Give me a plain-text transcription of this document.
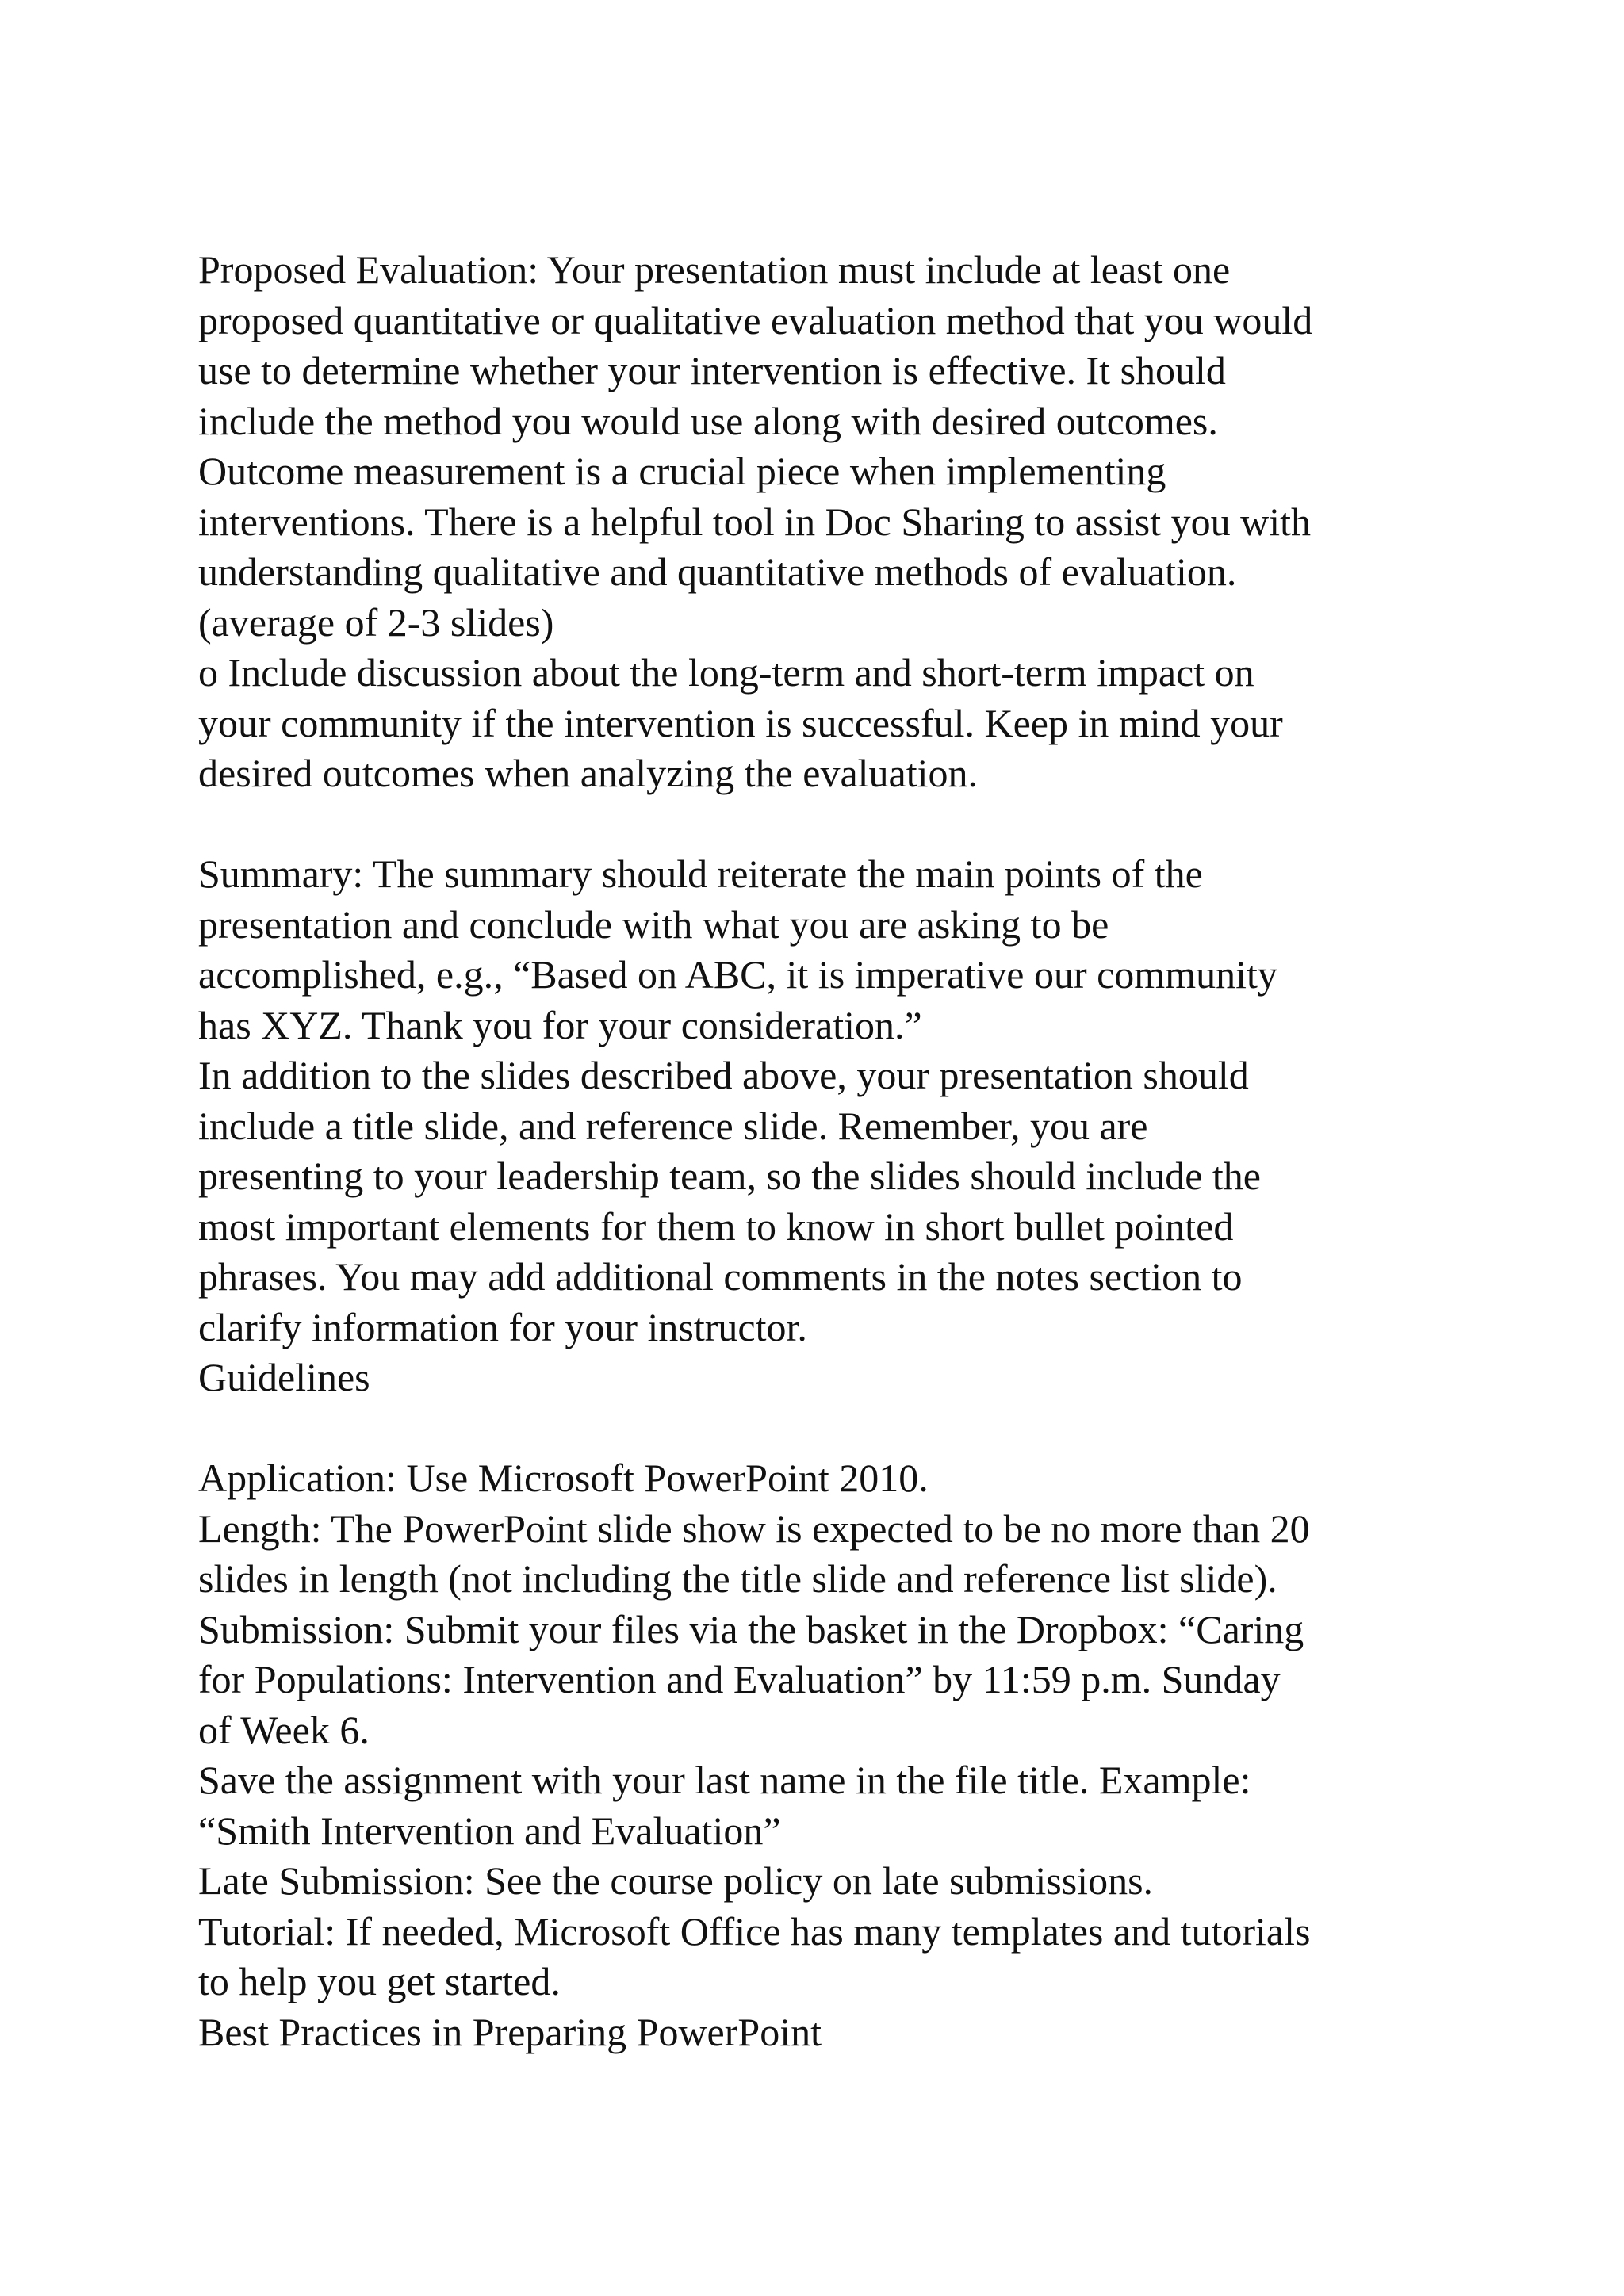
Proposed Evaluation: Your presentation must include at least one
proposed quantitative or qualitative evaluation method that you would
use to determine whether your intervention is effective. It should
include the method you would use along with desired outcomes.
Outcome measurement is a crucial piece when implementing
interventions. There is a helpful tool in Doc Sharing to assist you with
understanding qualitative and quantitative methods of evaluation.
(average of 2-3 slides)
o Include discussion about the long-term and short-term impact on
your community if the intervention is successful. Keep in mind your
desired outcomes when analyzing the evaluation.
Summary: The summary should reiterate the main points of the
presentation and conclude with what you are asking to be
accomplished, e.g., “Based on ABC, it is imperative our community
has XYZ. Thank you for your consideration.”
In addition to the slides described above, your presentation should
include a title slide, and reference slide. Remember, you are
presenting to your leadership team, so the slides should include the
most important elements for them to know in short bullet pointed
phrases. You may add additional comments in the notes section to
clarify information for your instructor.
Guidelines
Application: Use Microsoft PowerPoint 2010.
Length: The PowerPoint slide show is expected to be no more than 20
slides in length (not including the title slide and reference list slide).
Submission: Submit your files via the basket in the Dropbox: “Caring
for Populations: Intervention and Evaluation” by 11:59 p.m. Sunday
of Week 6.
Save the assignment with your last name in the file title. Example:
“Smith Intervention and Evaluation”
Late Submission: See the course policy on late submissions.
Tutorial: If needed, Microsoft Office has many templates and tutorials
to help you get started.
Best Practices in Preparing PowerPoint
